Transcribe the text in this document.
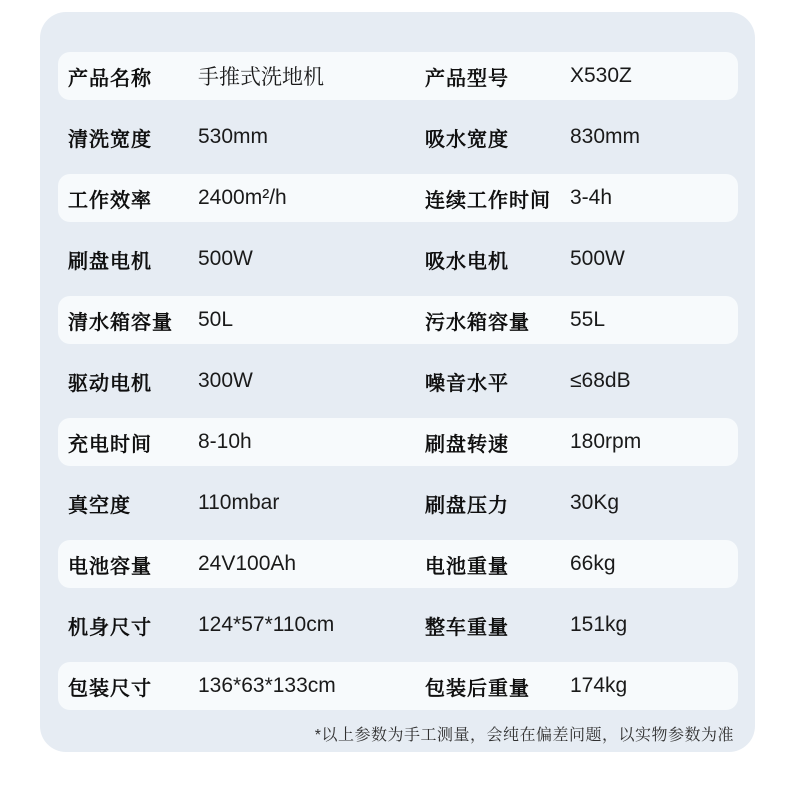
产品名称	手推式洗地机	产品型号	X530Z
清洗宽度	530mm	吸水宽度	830mm
工作效率	2400m²/h	连续工作时间 3-4h
刷盘电机	500W	吸水电机	500W
清水箱容量	50L	污水箱容量	55L
驱动电机	300W	噪音水平	≤68dB
充电时间	8-10h	刷盘转速	180rpm
真空度	110mbar	刷盘压力	30Kg
电池容量	24V100Ah	电池重量	66kg
机身尺寸	124*57*110cm	整车重量	151kg
包装尺寸	136*63*133cm	包装后重量	174kg
*以上参数为手工测量，会纯在偏差问题，以实物参数为准
